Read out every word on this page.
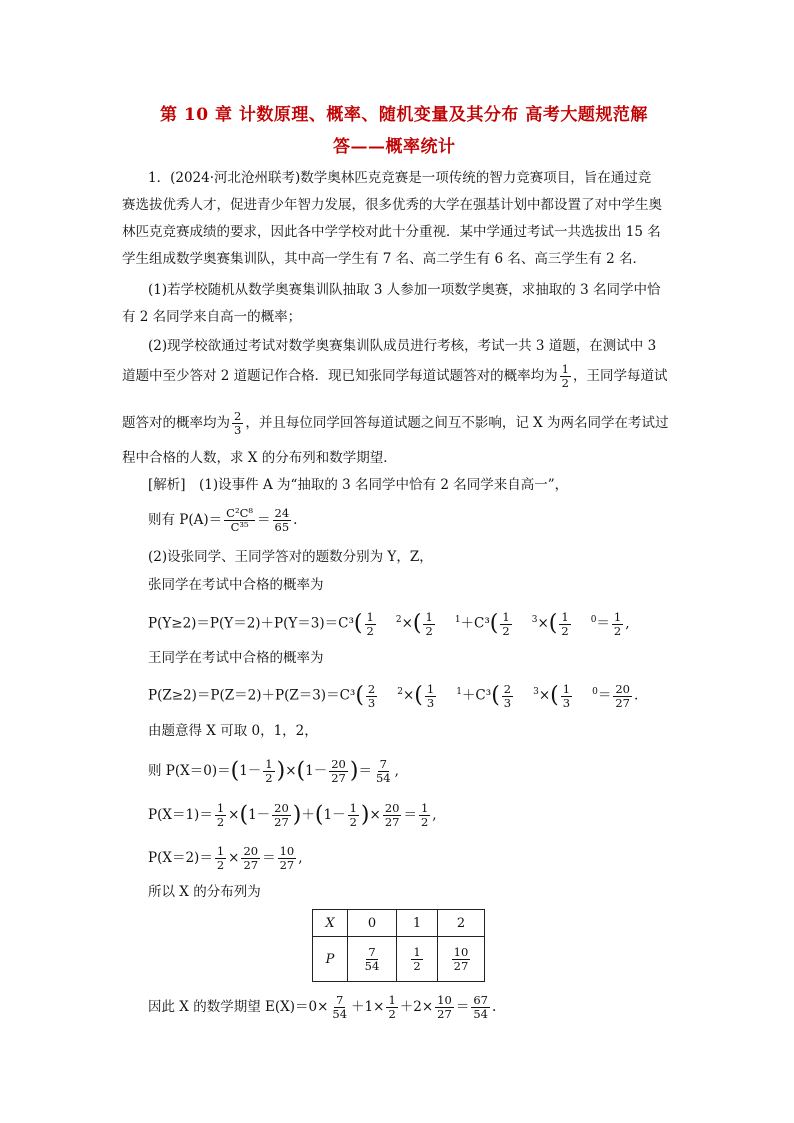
第 10 章 计数原理、概率、随机变量及其分布 高考大题规范解
答——概率统计
1．(2024·河北沧州联考)数学奥林匹克竞赛是一项传统的智力竞赛项目，旨在通过竞
赛选拔优秀人才，促进青少年智力发展，很多优秀的大学在强基计划中都设置了对中学生奥
林匹克竞赛成绩的要求，因此各中学学校对此十分重视．某中学通过考试一共选拔出 15 名
学生组成数学奥赛集训队，其中高一学生有 7 名、高二学生有 6 名、高三学生有 2 名．
(1)若学校随机从数学奥赛集训队抽取 3 人参加一项数学奥赛，求抽取的 3 名同学中恰
有 2 名同学来自高一的概率；
(2)现学校欲通过考试对数学奥赛集训队成员进行考核，考试一共 3 道题，在测试中 3
道题中至少答对 2 道题记作合格．现已知张同学每道试题答对的概率均为 $\frac{1}{2}$ ，王同学每道试
题答对的概率均为 $\frac{2}{3}$ ，并且每位同学回答每道试题之间互不影响，记 X 为两名同学在考试过
程中合格的人数，求 X 的分布列和数学期望．
[解析]　(1)设事件 A 为“抽取的 3 名同学中恰有 2 名同学来自高一”，
则有 $P(A)= \frac{\text{C²C⁸}}{\text{C³⁵}} = \frac{24}{65}$ .
(2)设张同学、王同学答对的题数分别为 Y，Z，
张同学在考试中合格的概率为
$P(Y\ge 2)=P(Y=2)+P(Y=3)=C^3( \frac{1}{2} ^2\times( \frac{1}{2} ^1+C^3( \frac{1}{2} ^3\times( \frac{1}{2} ^0= \frac{1}{2}$ ,
王同学在考试中合格的概率为
$P(Z\ge 2)=P(Z=2)+P(Z=3)=C^3( \frac{2}{3} ^2\times( \frac{1}{3} ^1+C^3( \frac{2}{3} ^3\times( \frac{1}{3} ^0= \frac{20}{27}$ .
由题意得 X 可取 0，1，2，
则 $P(X=0)=(1- \frac{1}{2} )\times(1- \frac{20}{27}$ )＝ $\frac{7}{54}$ ,
$P(X=1)= \frac{1}{2} \times(1- \frac{20}{27} )+(1- \frac{1}{2}$ )× $\frac{20}{27} = \frac{1}{2}$ ,
$P(X=2)= \frac{1}{2} \times \frac{20}{27} = \frac{10}{27}$ ,
所以 X 的分布列为
X	0	1	2
P	$\frac{7}{54}$	$\frac{1}{2}$	$\frac{10}{27}$
因此 X 的数学期望 $E(X)=0\times \frac{7}{54} +1\times \frac{1}{2} +2\times \frac{10}{27} = \frac{67}{54}$ .
